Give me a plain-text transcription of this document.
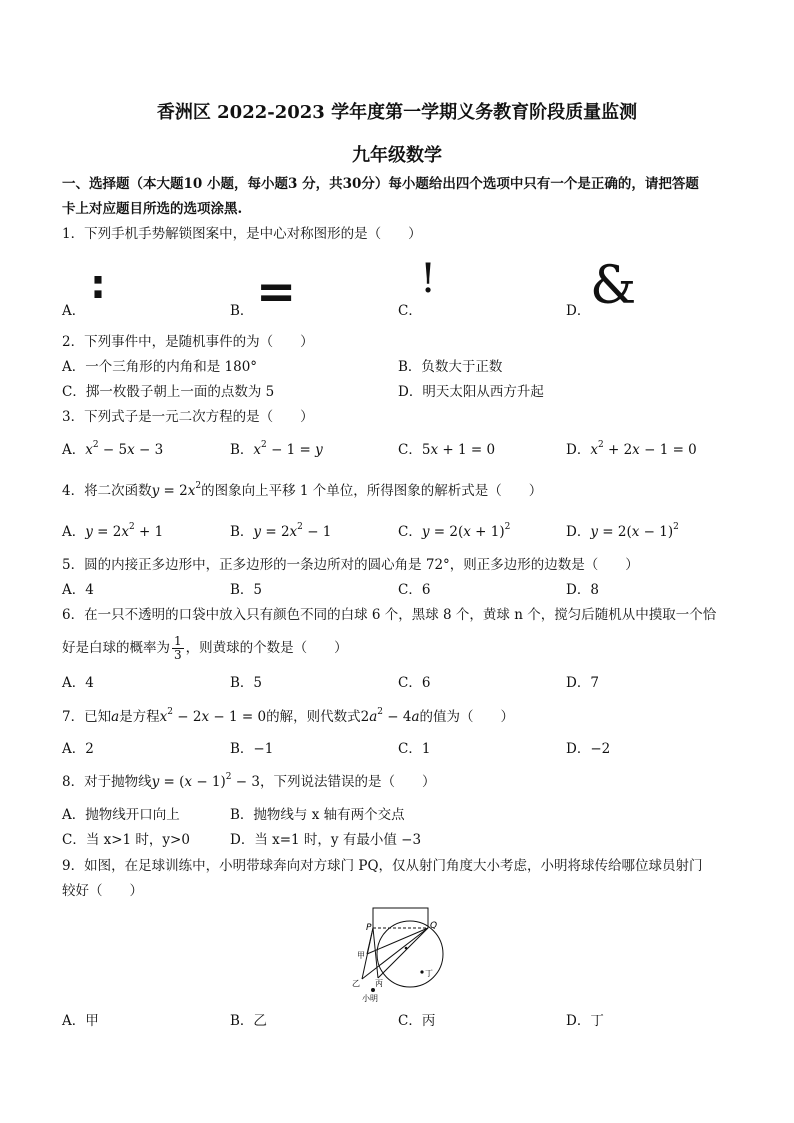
香洲区 2022-2023 学年度第一学期义务教育阶段质量监测
九年级数学
一、选择题（本大题10 小题，每小题3 分，共30分）每小题给出四个选项中只有一个是正确的，请把答题
卡上对应题目所选的选项涂黑.
1．下列手机手势解锁图案中，是中心对称图形的是（　　）
A．
:
B． =	C．
!
D． &
2．下列事件中，是随机事件的为（　　）
A．一个三角形的内角和是 180°	B．负数大于正数
C．掷一枚骰子朝上一面的点数为 5	D．明天太阳从西方升起
3．下列式子是一元二次方程的是（　　）
A．$x^2 - 5x - 3$	B．$x^2 - 1 = y$	C．5x + 1 = 0	D．$x^2 + 2x - 1 = 0$
4．将二次函数$y = 2x^2$的图象向上平移 1 个单位，所得图象的解析式是（　　）
A．$y = 2x^2 + 1$	B．$y = 2x^2 - 1$	C．$y = 2(x + 1)^2$	D．$y = 2(x - 1)^2$
5．圆的内接正多边形中，正多边形的一条边所对的圆心角是 72°，则正多边形的边数是（　　）
A．4	B．5	C．6	D．8
6．在一只不透明的口袋中放入只有颜色不同的白球 6 个，黑球 8 个，黄球 n 个，搅匀后随机从中摸取一个恰
好是白球的概率为 $\frac{1}{3}$ ，则黄球的个数是（　　）
A．4	B．5	C．6	D．7
7．已知a是方程$x^2 - 2x - 1 = 0$的解，则代数式$2a^2 - 4a$的值为（　　）
A．2	B．−1	C．1	D．−2
8．对于抛物线$y = (x - 1)^2 - 3$，下列说法错误的是（　　）
A．抛物线开口向上	B．抛物线与 x 轴有两个交点
C．当 x>1 时，y>0	D．当 x=1 时，y 有最小值 −3
9．如图，在足球训练中，小明带球奔向对方球门 PQ，仅从射门角度大小考虑，小明将球传给哪位球员射门
较好（　　）
P	Q
甲
乙 丙
丁
小明
A．甲	B．乙	C．丙	D．丁
